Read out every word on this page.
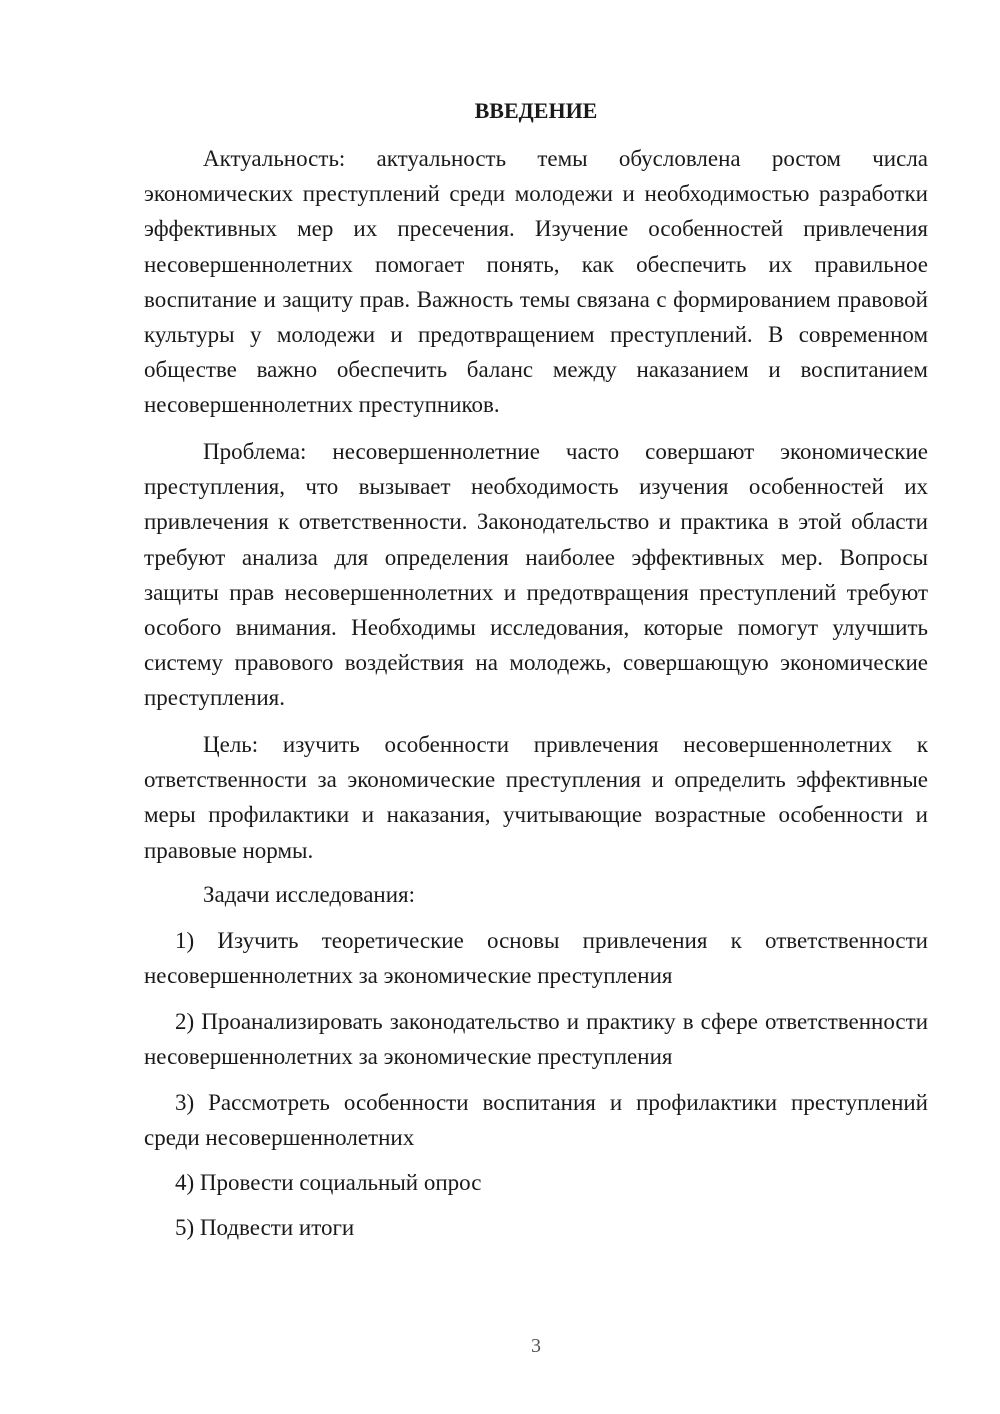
ВВЕДЕНИЕ

Актуальность: актуальность темы обусловлена ростом числа экономических преступлений среди молодежи и необходимостью разработки эффективных мер их пресечения. Изучение особенностей привлечения несовершеннолетних помогает понять, как обеспечить их правильное воспитание и защиту прав. Важность темы связана с формированием правовой культуры у молодежи и предотвращением преступлений. В современном обществе важно обеспечить баланс между наказанием и воспитанием несовершеннолетних преступников.

Проблема: несовершеннолетние часто совершают экономические преступления, что вызывает необходимость изучения особенностей их привлечения к ответственности. Законодательство и практика в этой области требуют анализа для определения наиболее эффективных мер. Вопросы защиты прав несовершеннолетних и предотвращения преступлений требуют особого внимания. Необходимы исследования, которые помогут улучшить систему правового воздействия на молодежь, совершающую экономические преступления.

Цель: изучить особенности привлечения несовершеннолетних к ответственности за экономические преступления и определить эффективные меры профилактики и наказания, учитывающие возрастные особенности и правовые нормы.

Задачи исследования:

1) Изучить теоретические основы привлечения к ответственности несовершеннолетних за экономические преступления

2) Проанализировать законодательство и практику в сфере ответственности несовершеннолетних за экономические преступления

3) Рассмотреть особенности воспитания и профилактики преступлений среди несовершеннолетних

4) Провести социальный опрос

5) Подвести итоги

3
